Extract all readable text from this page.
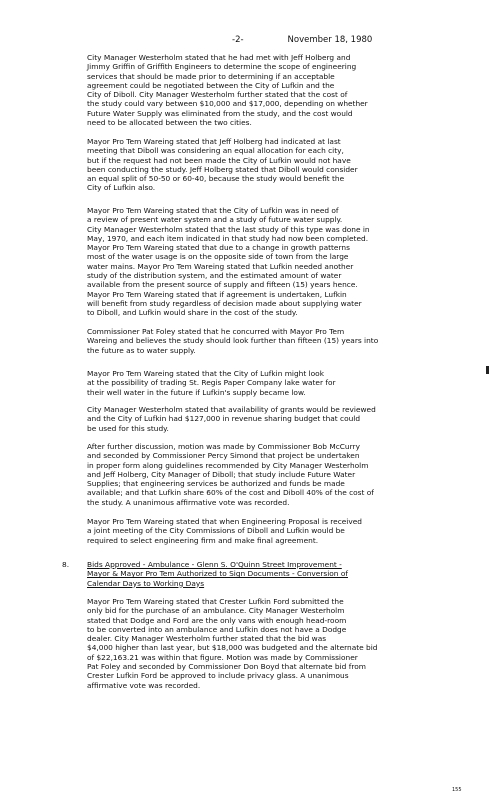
-2-	November 18, 1980
City Manager Westerholm stated that he had met with Jeff Holberg and
Jimmy Griffin of Griffith Engineers to determine the scope of engineering
services that should be made prior to determining if an acceptable
agreement could be negotiated between the City of Lufkin and the
City of Diboll. City Manager Westerholm further stated that the cost of
the study could vary between $10,000 and $17,000, depending on whether
Future Water Supply was eliminated from the study, and the cost would
need to be allocated between the two cities.
Mayor Pro Tem Wareing stated that Jeff Holberg had indicated at last
meeting that Diboll was considering an equal allocation for each city,
but if the request had not been made the City of Lufkin would not have
been conducting the study. Jeff Holberg stated that Diboll would consider
an equal split of 50-50 or 60-40, because the study would benefit the
City of Lufkin also.
Mayor Pro Tem Wareing stated that the City of Lufkin was in need of
a review of present water system and a study of future water supply.
City Manager Westerholm stated that the last study of this type was done in
May, 1970, and each item indicated in that study had now been completed.
Mayor Pro Tem Wareing stated that due to a change in growth patterns
most of the water usage is on the opposite side of town from the large
water mains. Mayor Pro Tem Wareing stated that Lufkin needed another
study of the distribution system, and the estimated amount of water
available from the present source of supply and fifteen (15) years hence.
Mayor Pro Tem Wareing stated that if agreement is undertaken, Lufkin
will benefit from study regardless of decision made about supplying water
to Diboll, and Lufkin would share in the cost of the study.
Commissioner Pat Foley stated that he concurred with Mayor Pro Tem
Wareing and believes the study should look further than fifteen (15) years into
the future as to water supply.
Mayor Pro Tem Wareing stated that the City of Lufkin might look
at the possibility of trading St. Regis Paper Company lake water for
their well water in the future if Lufkin's supply became low.
City Manager Westerholm stated that availability of grants would be reviewed
and the City of Lufkin had $127,000 in revenue sharing budget that could
be used for this study.
After further discussion, motion was made by Commissioner Bob McCurry
and seconded by Commissioner Percy Simond that project be undertaken
in proper form along guidelines recommended by City Manager Westerholm
and Jeff Holberg, City Manager of Diboll; that study include Future Water
Supplies; that engineering services be authorized and funds be made
available; and that Lufkin share 60% of the cost and Diboll 40% of the cost of
the study. A unanimous affirmative vote was recorded.
Mayor Pro Tem Wareing stated that when Engineering Proposal is received
a joint meeting of the City Commissions of Diboll and Lufkin would be
required to select engineering firm and make final agreement.
8. Bids Approved - Ambulance - Glenn S. O'Quinn Street Improvement -
Mayor & Mayor Pro Tem Authorized to Sign Documents - Conversion of
Calendar Days to Working Days
Mayor Pro Tem Wareing stated that Crester Lufkin Ford submitted the
only bid for the purchase of an ambulance. City Manager Westerholm
stated that Dodge and Ford are the only vans with enough head-room
to be converted into an ambulance and Lufkin does not have a Dodge
dealer. City Manager Westerholm further stated that the bid was
$4,000 higher than last year, but $18,000 was budgeted and the alternate bid
of $22,163.21 was within that figure. Motion was made by Commissioner
Pat Foley and seconded by Commissioner Don Boyd that alternate bid from
Crester Lufkin Ford be approved to include privacy glass. A unanimous
affirmative vote was recorded.
155
